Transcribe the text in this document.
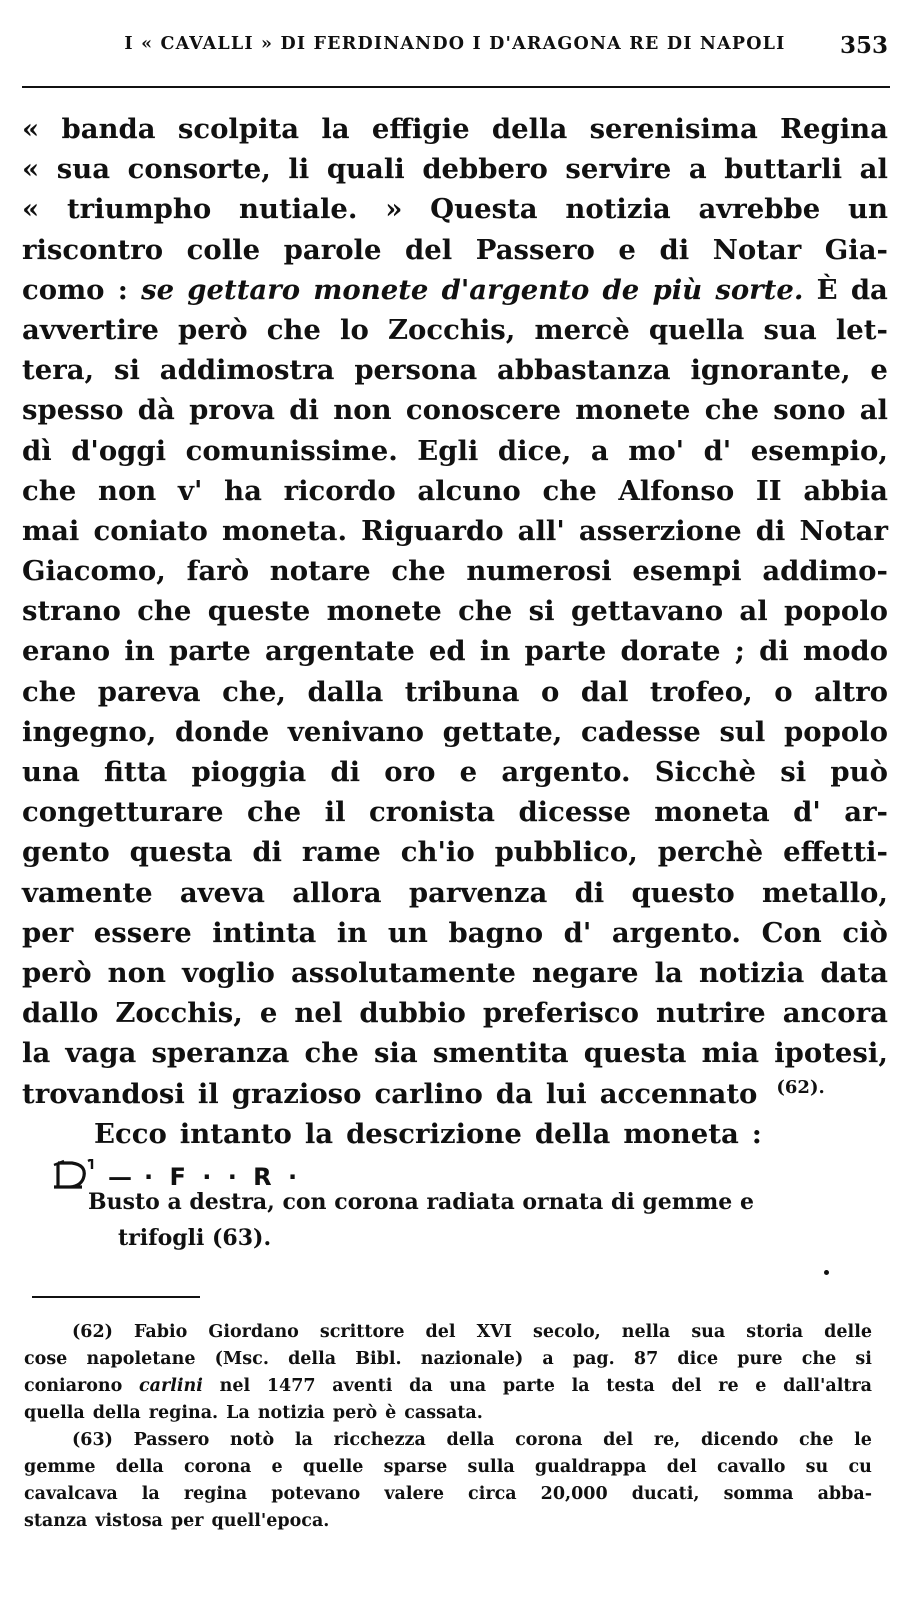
I « CAVALLI » DI FERDINANDO I D'ARAGONA RE DI NAPOLI	353
« banda scolpita la effigie della serenisima Regina
« sua consorte, li quali debbero servire a buttarli al
« triumpho nutiale. » Questa notizia avrebbe un
riscontro colle parole del Passero e di Notar Gia-
como : se gettaro monete d'argento de più sorte. È da
avvertire però che lo Zocchis, mercè quella sua let-
tera, si addimostra persona abbastanza ignorante, e
spesso dà prova di non conoscere monete che sono al
dì d'oggi comunissime. Egli dice, a mo' d' esempio,
che non v' ha ricordo alcuno che Alfonso II abbia
mai coniato moneta. Riguardo all' asserzione di Notar
Giacomo, farò notare che numerosi esempi addimo-
strano che queste monete che si gettavano al popolo
erano in parte argentate ed in parte dorate ; di modo
che pareva che, dalla tribuna o dal trofeo, o altro
ingegno, donde venivano gettate, cadesse sul popolo
una fitta pioggia di oro e argento. Sicchè si può
congetturare che il cronista dicesse moneta d' ar-
gento questa di rame ch'io pubblico, perchè effetti-
vamente aveva allora parvenza di questo metallo,
per essere intinta in un bagno d' argento. Con ciò
però non voglio assolutamente negare la notizia data
dallo Zocchis, e nel dubbio preferisco nutrire ancora
la vaga speranza che sia smentita questa mia ipotesi,
trovandosi il grazioso carlino da lui accennato (62).
Ecco intanto la descrizione della moneta :
— · F · · R ·
Busto a destra, con corona radiata ornata di gemme e
trifogli (63).
(62) Fabio Giordano scrittore del XVI secolo, nella sua storia delle
cose napoletane (Msc. della Bibl. nazionale) a pag. 87 dice pure che si
coniarono carlini nel 1477 aventi da una parte la testa del re e dall'altra
quella della regina. La notizia però è cassata.
(63) Passero notò la ricchezza della corona del re, dicendo che le
gemme della corona e quelle sparse sulla gualdrappa del cavallo su cu
cavalcava la regina potevano valere circa 20,000 ducati, somma abba-
stanza vistosa per quell'epoca.
